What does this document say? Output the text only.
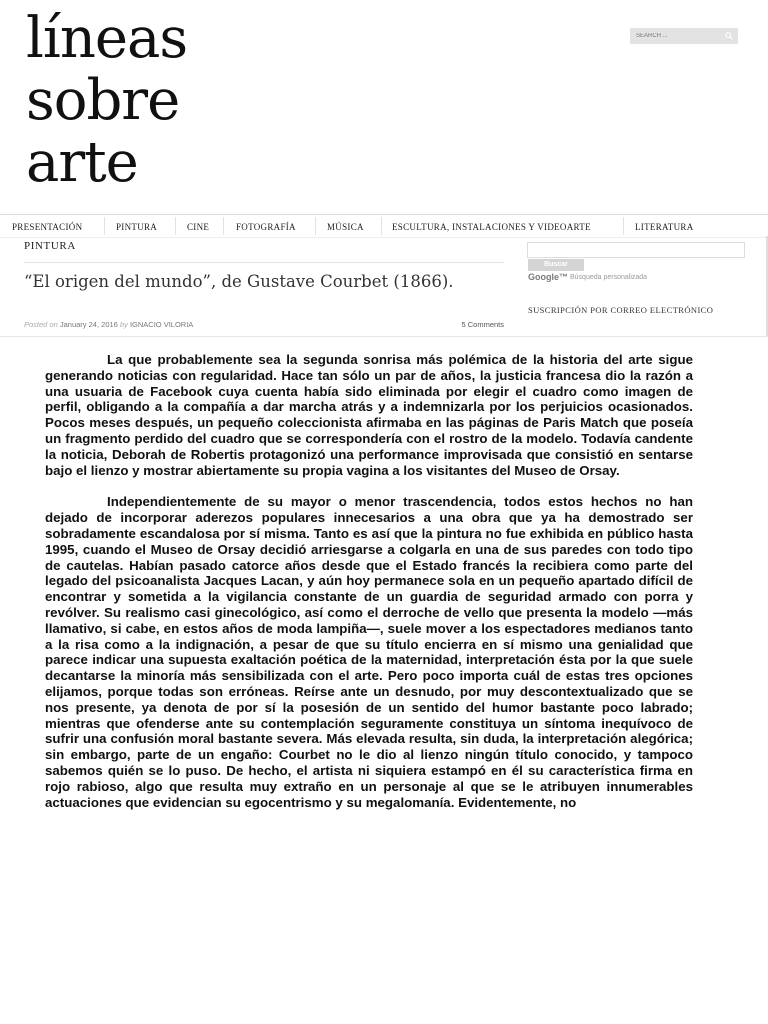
líneas
sobre
arte
SEARCH ...
PRESENTACIÓN	PINTURA	CINE	FOTOGRAFÍA	MÚSICA	ESCULTURA, INSTALACIONES Y VIDEOARTE	LITERATURA
PINTURA
“El origen del mundo”, de Gustave Courbet (1866).
Posted on January 24, 2016 by IGNACIO VILORIA	5 Comments
Buscar
Google™ Búsqueda personalizada
SUSCRIPCIÓN POR CORREO ELECTRÓNICO

La que probablemente sea la segunda sonrisa más polémica de la historia del arte sigue generando noticias con regularidad. Hace tan sólo un par de años, la justicia francesa dio la razón a una usuaria de Facebook cuya cuenta había sido eliminada por elegir el cuadro como imagen de perfil, obligando a la compañía a dar marcha atrás y a indemnizarla por los perjuicios ocasionados. Pocos meses después, un pequeño coleccionista afirmaba en las páginas de Paris Match que poseía un fragmento perdido del cuadro que se correspondería con el rostro de la modelo. Todavía candente la noticia, Deborah de Robertis protagonizó una performance improvisada que consistió en sentarse bajo el lienzo y mostrar abiertamente su propia vagina a los visitantes del Museo de Orsay.

Independientemente de su mayor o menor trascendencia, todos estos hechos no han dejado de incorporar aderezos populares innecesarios a una obra que ya ha demostrado ser sobradamente escandalosa por sí misma. Tanto es así que la pintura no fue exhibida en público hasta 1995, cuando el Museo de Orsay decidió arriesgarse a colgarla en una de sus paredes con todo tipo de cautelas. Habían pasado catorce años desde que el Estado francés la recibiera como parte del legado del psicoanalista Jacques Lacan, y aún hoy permanece sola en un pequeño apartado difícil de encontrar y sometida a la vigilancia constante de un guardia de seguridad armado con porra y revólver. Su realismo casi ginecológico, así como el derroche de vello que presenta la modelo —más llamativo, si cabe, en estos años de moda lampiña—, suele mover a los espectadores medianos tanto a la risa como a la indignación, a pesar de que su título encierra en sí mismo una genialidad que parece indicar una supuesta exaltación poética de la maternidad, interpretación ésta por la que suele decantarse la minoría más sensibilizada con el arte. Pero poco importa cuál de estas tres opciones elijamos, porque todas son erróneas. Reírse ante un desnudo, por muy descontextualizado que se nos presente, ya denota de por sí la posesión de un sentido del humor bastante poco labrado; mientras que ofenderse ante su contemplación seguramente constituya un síntoma inequívoco de sufrir una confusión moral bastante severa. Más elevada resulta, sin duda, la interpretación alegórica; sin embargo, parte de un engaño: Courbet no le dio al lienzo ningún título conocido, y tampoco sabemos quién se lo puso. De hecho, el artista ni siquiera estampó en él su característica firma en rojo rabioso, algo que resulta muy extraño en un personaje al que se le atribuyen innumerables actuaciones que evidencian su egocentrismo y su megalomanía. Evidentemente, no
